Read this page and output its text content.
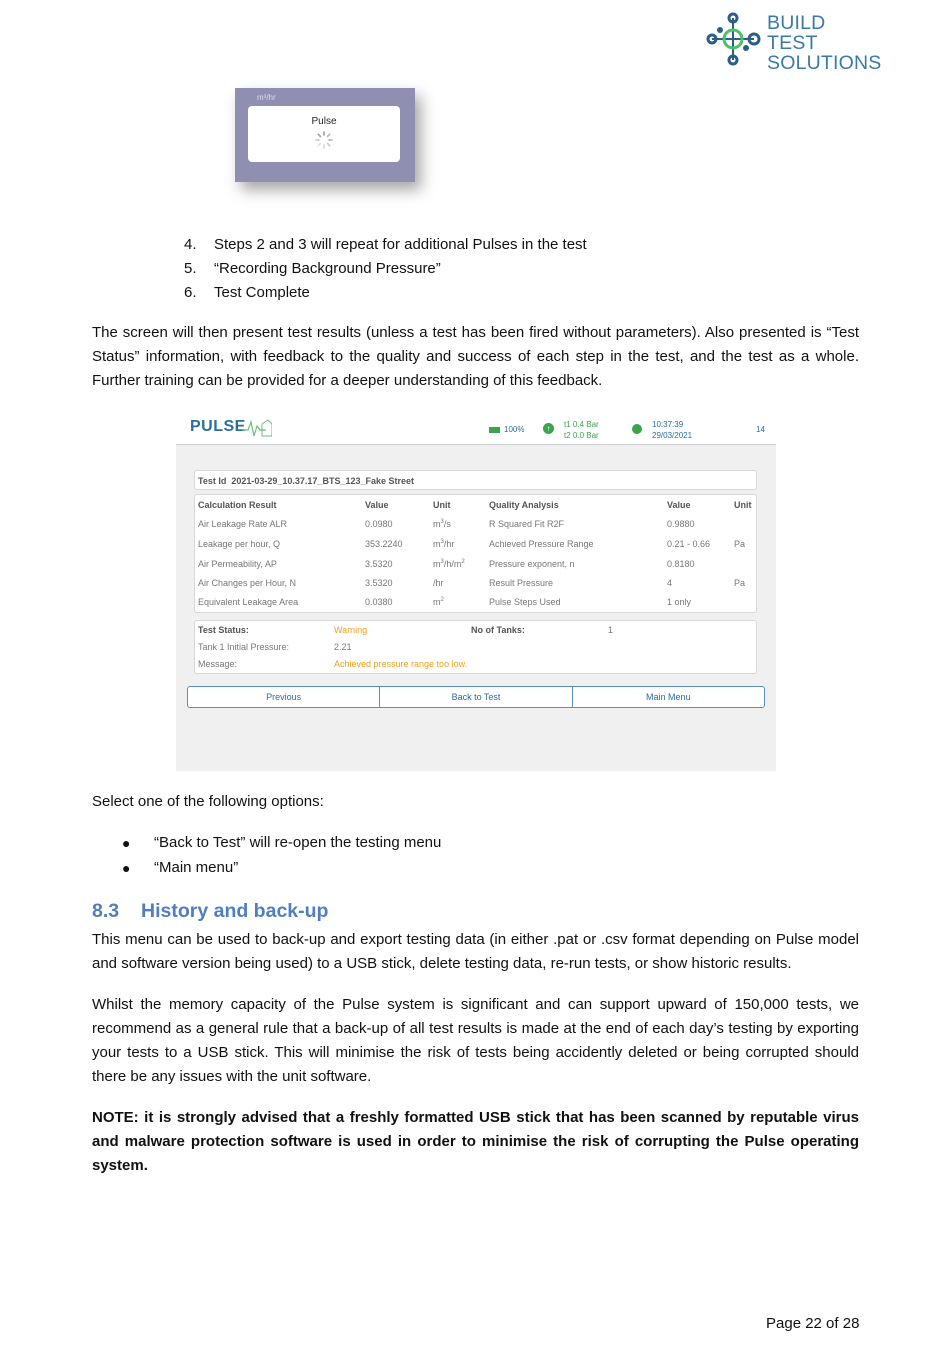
BUILD
TEST
SOLUTIONS
m³/hr
Pulse
4.	Steps 2 and 3 will repeat for additional Pulses in the test
5.	“Recording Background Pressure”
6.	Test Complete

The screen will then present test results (unless a test has been fired without parameters). Also presented is “Test Status” information, with feedback to the quality and success of each step in the test, and the test as a whole. Further training can be provided for a deeper understanding of this feedback.

PULSE	100%	↑	t1 0.4 Bar
t2 0.0 Bar
10:37:39
29/03/2021
14
Test Id 2021-03-29_10.37.17_BTS_123_Fake Street
Calculation Result	Value	Unit	Quality Analysis	Value	Unit
Air Leakage Rate ALR	0.0980	$m^3/s$	R Squared Fit R2F	0.9880
Leakage per hour, Q	353.2240	$m^3/hr$	Achieved Pressure Range	0.21 - 0.66	Pa
Air Permeability, AP	3.5320	$m^3/h/m^2$	Pressure exponent, n	0.8180
Air Changes per Hour, N	3.5320	/hr	Result Pressure	4	Pa
Equivalent Leakage Area	0.0380	$m^2$	Pulse Steps Used	1 only
Test Status:	Warning	No of Tanks:	1
Tank 1 Initial Pressure:	2.21
Message:	Achieved pressure range too low.
Previous	Back to Test	Main Menu

Select one of the following options:

●	“Back to Test” will re-open the testing menu
●	“Main menu”
8.3	History and back-up

This menu can be used to back-up and export testing data (in either .pat or .csv format depending on Pulse model and software version being used) to a USB stick, delete testing data, re-run tests, or show historic results.

Whilst the memory capacity of the Pulse system is significant and can support upward of 150,000 tests, we recommend as a general rule that a back-up of all test results is made at the end of each day’s testing by exporting your tests to a USB stick. This will minimise the risk of tests being accidently deleted or being corrupted should there be any issues with the unit software.

NOTE: it is strongly advised that a freshly formatted USB stick that has been scanned by reputable virus and malware protection software is used in order to minimise the risk of corrupting the Pulse operating system.

Page 22 of 28
